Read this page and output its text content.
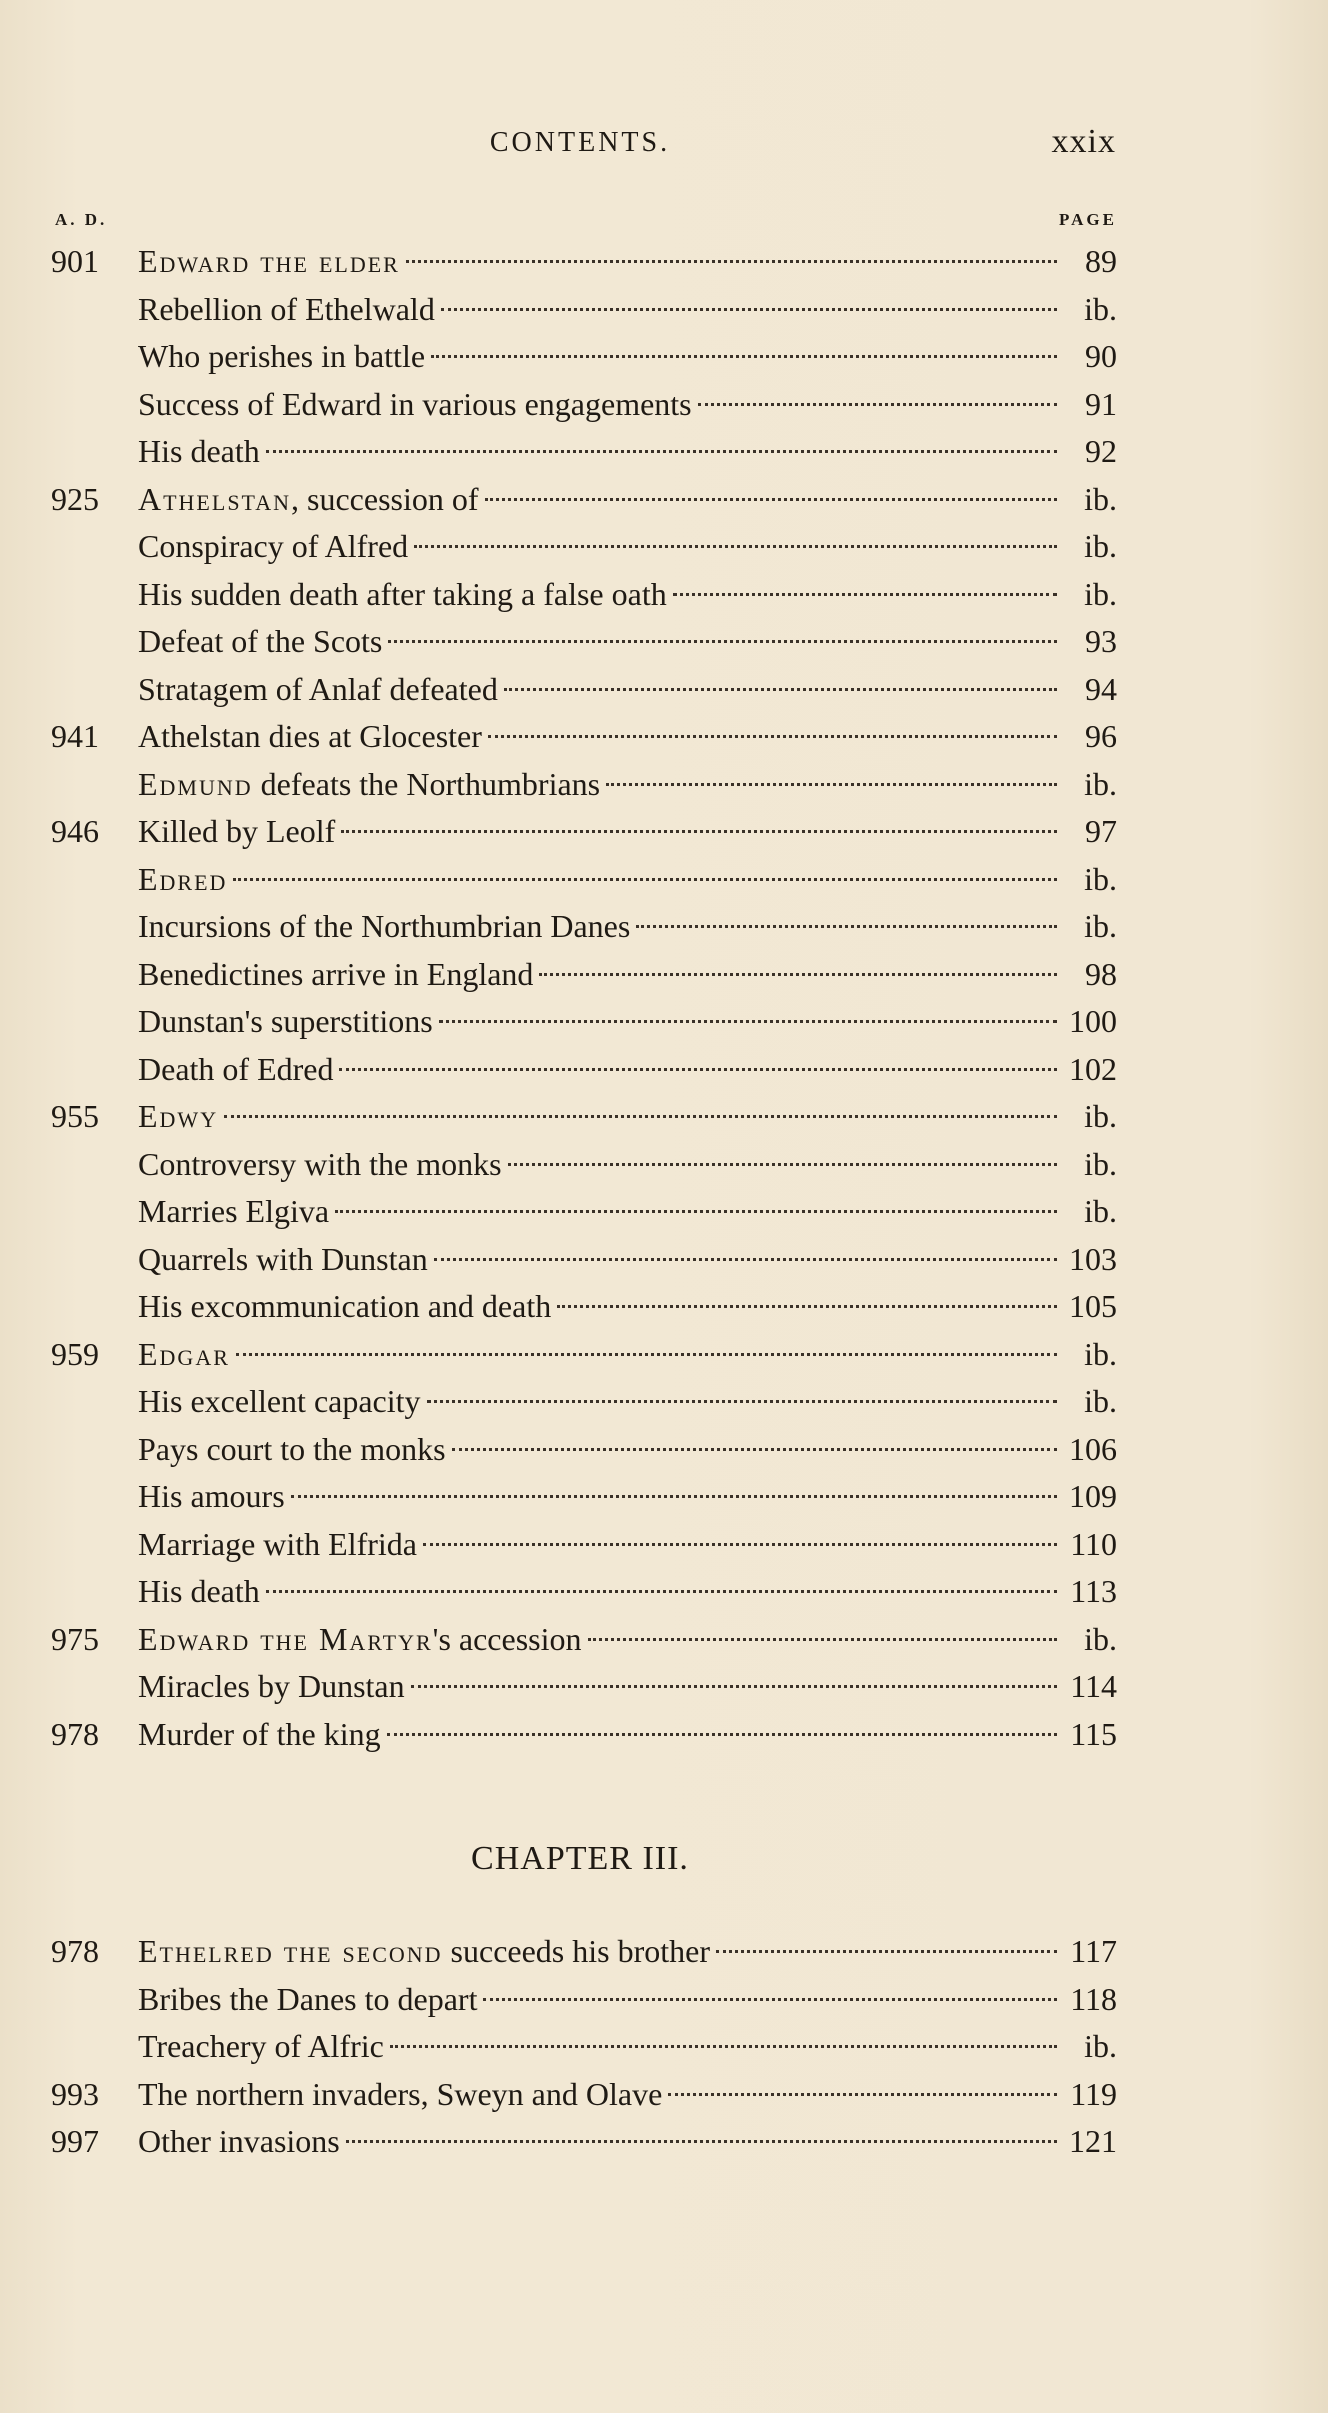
CONTENTS.	xxix
A. D.	PAGE
901	Edward the elder	89
Rebellion of Ethelwald	ib.
Who perishes in battle	90
Success of Edward in various engagements	91
His death	92
925	Athelstan, succession of	ib.
Conspiracy of Alfred	ib.
His sudden death after taking a false oath	ib.
Defeat of the Scots	93
Stratagem of Anlaf defeated	94
941	Athelstan dies at Glocester	96
Edmund defeats the Northumbrians	ib.
946	Killed by Leolf	97
Edred	ib.
Incursions of the Northumbrian Danes	ib.
Benedictines arrive in England	98
Dunstan's superstitions	100
Death of Edred	102
955	Edwy	ib.
Controversy with the monks	ib.
Marries Elgiva	ib.
Quarrels with Dunstan	103
His excommunication and death	105
959	Edgar	ib.
His excellent capacity	ib.
Pays court to the monks	106
His amours	109
Marriage with Elfrida	110
His death	113
975	Edward the Martyr's accession	ib.
Miracles by Dunstan	114
978	Murder of the king	115
CHAPTER III.
978	Ethelred the second succeeds his brother	117
Bribes the Danes to depart	118
Treachery of Alfric	ib.
993	The northern invaders, Sweyn and Olave	119
997	Other invasions	121
